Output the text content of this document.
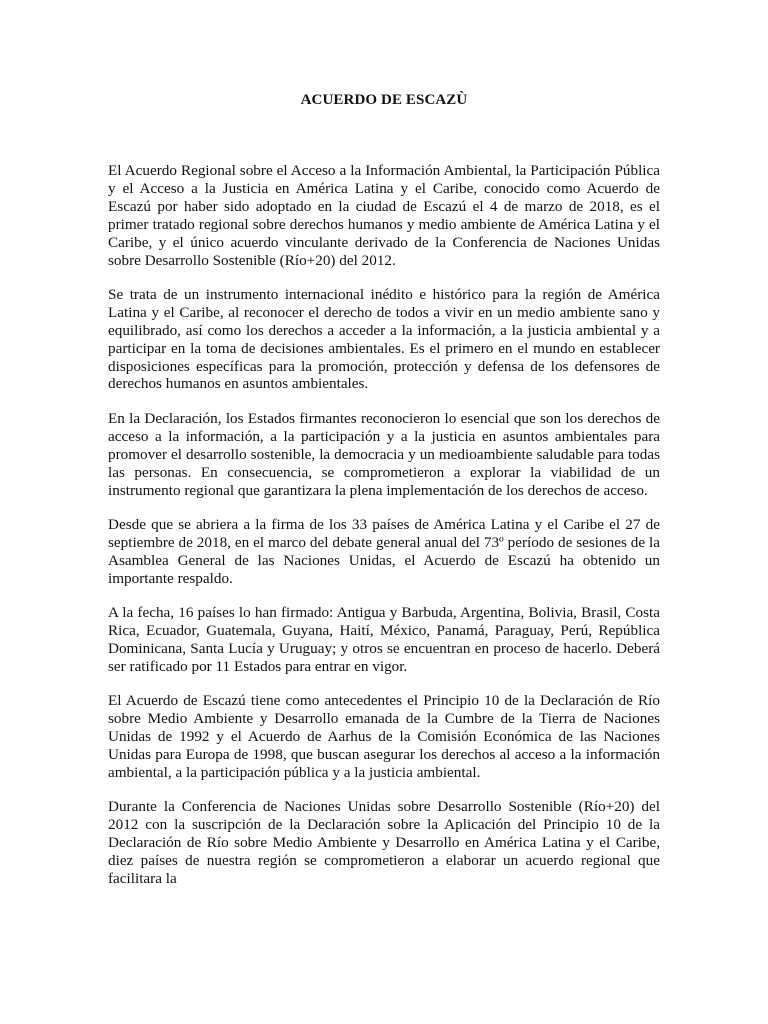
ACUERDO DE ESCAZÙ

El Acuerdo Regional sobre el Acceso a la Información Ambiental, la Participación Pública y el Acceso a la Justicia en América Latina y el Caribe, conocido como Acuerdo de Escazú por haber sido adoptado en la ciudad de Escazú el 4 de marzo de 2018, es el primer tratado regional sobre derechos humanos y medio ambiente de América Latina y el Caribe, y el único acuerdo vinculante derivado de la Conferencia de Naciones Unidas sobre Desarrollo Sostenible (Río+20) del 2012.

Se trata de un instrumento internacional inédito e histórico para la región de América Latina y el Caribe, al reconocer el derecho de todos a vivir en un medio ambiente sano y equilibrado, así como los derechos a acceder a la información, a la justicia ambiental y a participar en la toma de decisiones ambientales. Es el primero en el mundo en establecer disposiciones específicas para la promoción, protección y defensa de los defensores de derechos humanos en asuntos ambientales.

En la Declaración, los Estados firmantes reconocieron lo esencial que son los derechos de acceso a la información, a la participación y a la justicia en asuntos ambientales para promover el desarrollo sostenible, la democracia y un medioambiente saludable para todas las personas. En consecuencia, se comprometieron a explorar la viabilidad de un instrumento regional que garantizara la plena implementación de los derechos de acceso.

Desde que se abriera a la firma de los 33 países de América Latina y el Caribe el 27 de septiembre de 2018, en el marco del debate general anual del 73º período de sesiones de la Asamblea General de las Naciones Unidas, el Acuerdo de Escazú ha obtenido un importante respaldo.

A la fecha, 16 países lo han firmado: Antigua y Barbuda, Argentina, Bolivia, Brasil, Costa Rica, Ecuador, Guatemala, Guyana, Haití, México, Panamá, Paraguay, Perú, República Dominicana, Santa Lucía y Uruguay; y otros se encuentran en proceso de hacerlo. Deberá ser ratificado por 11 Estados para entrar en vigor.

El Acuerdo de Escazú tiene como antecedentes el Principio 10 de la Declaración de Río sobre Medio Ambiente y Desarrollo emanada de la Cumbre de la Tierra de Naciones Unidas de 1992 y el Acuerdo de Aarhus de la Comisión Económica de las Naciones Unidas para Europa de 1998, que buscan asegurar los derechos al acceso a la información ambiental, a la participación pública y a la justicia ambiental.

Durante la Conferencia de Naciones Unidas sobre Desarrollo Sostenible (Río+20) del 2012 con la suscripción de la Declaración sobre la Aplicación del Principio 10 de la Declaración de Río sobre Medio Ambiente y Desarrollo en América Latina y el Caribe, diez países de nuestra región se comprometieron a elaborar un acuerdo regional que facilitara la
